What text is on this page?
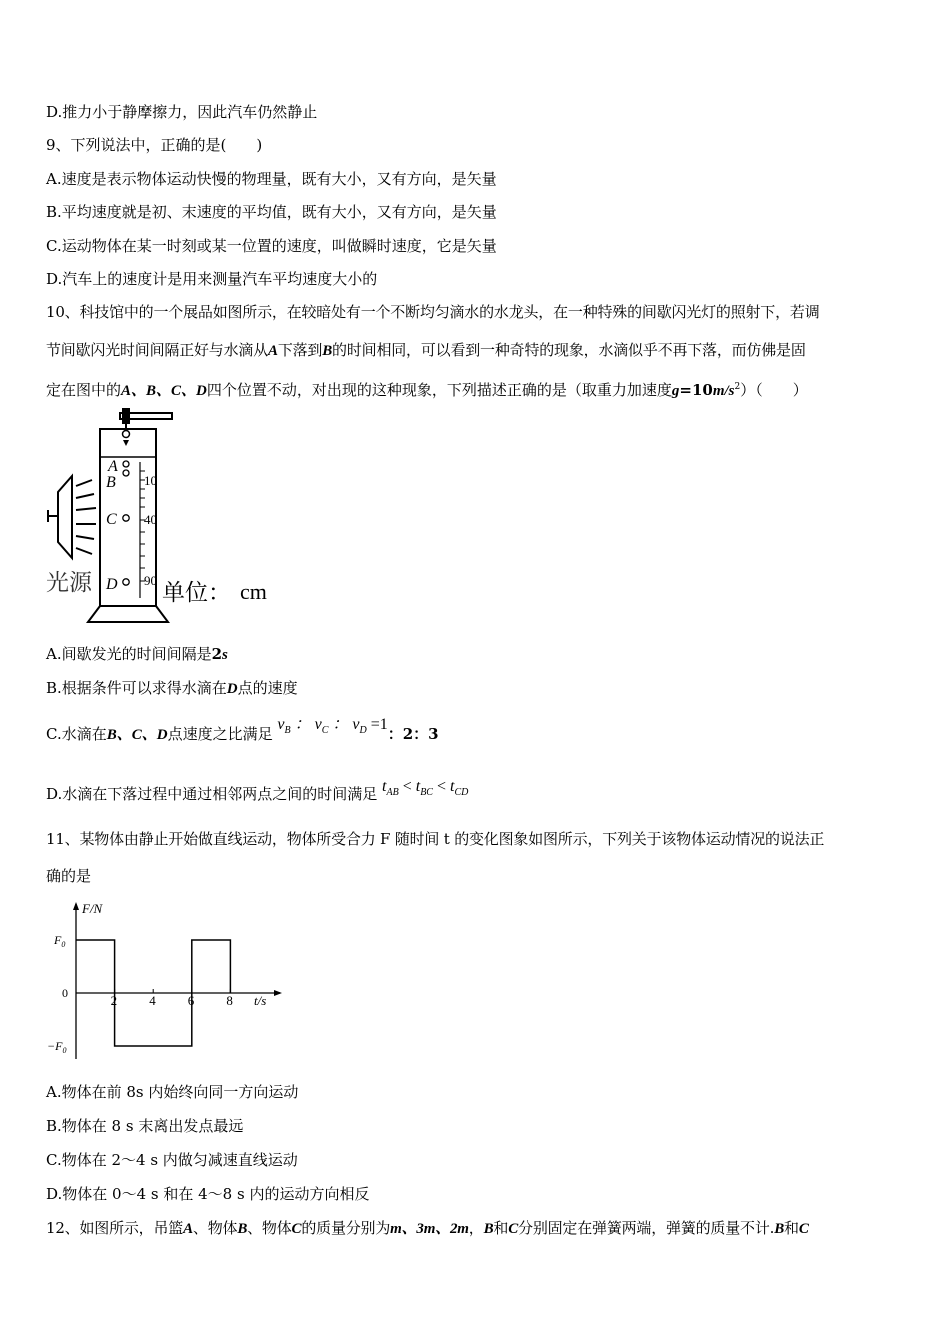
D.推力小于静摩擦力，因此汽车仍然静止
9、下列说法中，正确的是(　　)
A.速度是表示物体运动快慢的物理量，既有大小，又有方向，是矢量
B.平均速度就是初、末速度的平均值，既有大小，又有方向，是矢量
C.运动物体在某一时刻或某一位置的速度，叫做瞬时速度，它是矢量
D.汽车上的速度计是用来测量汽车平均速度大小的
10、科技馆中的一个展品如图所示，在较暗处有一个不断均匀滴水的水龙头，在一种特殊的间歇闪光灯的照射下，若调
节间歇闪光时间间隔正好与水滴从A下落到B的时间相同，可以看到一种奇特的现象，水滴似乎不再下落，而仿佛是固
定在图中的A、B、C、D四个位置不动，对出现的这种现象，下列描述正确的是（取重力加速度$g=10m/s^2$）（　　）
10
40
90
A
B
C
D
光源	单位： cm
A.间歇发光的时间间隔是2s
B.根据条件可以求得水滴在D点的速度
C.水滴在B、C、D点速度之比满足 $v_B$ ： $v_C$ ： $v_D =1$：2：3
D.水滴在下落过程中通过相邻两点之间的时间满足 $t_{AB} < t_{BC} < t_{CD}$
11、某物体由静止开始做直线运动，物体所受合力 F 随时间 t 的变化图象如图所示，下列关于该物体运动情况的说法正
确的是
F/N
t/s
2 4 6 8
$F_0$
0
$-F_0$
A.物体在前 8s 内始终向同一方向运动
B.物体在 8 s 末离出发点最远
C.物体在 2～4 s 内做匀减速直线运动
D.物体在 0～4 s 和在 4～8 s 内的运动方向相反
12、如图所示，吊篮A、物体B、物体C的质量分别为m、3m、2m，B和C分别固定在弹簧两端，弹簧的质量不计.B和C
